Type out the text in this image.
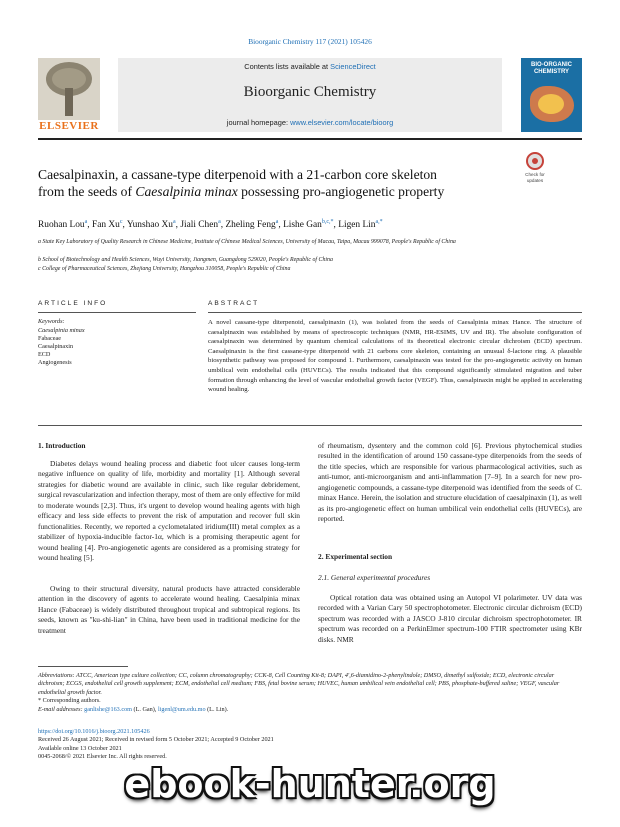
Bioorganic Chemistry 117 (2021) 105426
ELSEVIER
Contents lists available at ScienceDirect
Bioorganic Chemistry
journal homepage: www.elsevier.com/locate/bioorg
BIO-ORGANIC CHEMISTRY
Caesalpinaxin, a cassane-type diterpenoid with a 21-carbon core skeleton
from the seeds of Caesalpinia minax possessing pro-angiogenetic property
Check for updates
Ruohan Lou$^a$, Fan Xu$^c$, Yunshao Xu$^a$, Jiali Chen$^a$, Zheling Feng$^a$, Lishe Gan$^{b,c,*}$, Ligen Lin$^{a,*}$
a State Key Laboratory of Quality Research in Chinese Medicine, Institute of Chinese Medical Sciences, University of Macau, Taipa, Macau 999078, People's Republic of China
b School of Biotechnology and Health Sciences, Wuyi University, Jiangmen, Guangdong 529020, People's Republic of China
c College of Pharmaceutical Sciences, Zhejiang University, Hangzhou 310058, People's Republic of China
ARTICLE INFO	ABSTRACT
Keywords:
Caesalpinia minax
Fabaceae
Caesalpinaxin
ECD
Angiogenesis
A novel cassane-type diterpenoid, caesalpinaxin (1), was isolated from the seeds of Caesalpinia minax Hance. The structure of caesalpinaxin was established by means of spectroscopic techniques (NMR, HR-ESIMS, UV and IR). The absolute configuration of caesalpinaxin was determined by quantum chemical calculations of its theoretical electronic circular dichroism (ECD) spectrum. Caesalpinaxin is the first cassane-type diterpenoid with 21 carbons core skeleton, containing an unusual δ-lactone ring. A plausible biosynthetic pathway was proposed for compound 1. Furthermore, caesalpinaxin was tested for the pro-angiogenetic activity on human umbilical vein endothelial cells (HUVECs). The results indicated that this compound significantly stimulated migration and tuber formation through enhancing the level of vascular endothelial growth factor (VEGF). Thus, caesalpinaxin might be applied in accelerating wound healing.
1. Introduction
Diabetes delays wound healing process and diabetic foot ulcer causes long-term negative influence on quality of life, morbidity and mortality [1]. Although several strategies for diabetic wound are available in clinic, such like regular debridement, surgical revascularization and infection therapy, most of them are only effective for mild to moderate wounds [2,3]. Thus, it's urgent to develop wound healing agents with high efficacy and less side effects to prevent the risk of amputation and recover full skin functionalities. Recently, we reported a cyclometalated iridium(III) metal complex as a stabilizer of hypoxia-inducible factor-1α, which is a promising therapeutic agent for wound healing [4]. Pro-angiogenetic agents are considered as a promising strategy for wound healing [5].
Owing to their structural diversity, natural products have attracted considerable attention in the discovery of agents to accelerate wound healing. Caesalpinia minax Hance (Fabaceae) is widely distributed throughout tropical and subtropical regions. Its seeds, known as "ku-shi-lian" in China, have been used in traditional medicine for the treatment
of rheumatism, dysentery and the common cold [6]. Previous phytochemical studies resulted in the identification of around 150 cassane-type diterpenoids from the seeds of the title species, which are responsible for various pharmacological activities, such as anti-tumor, anti-microorganism and anti-inflammation [7–9]. In a search for new pro-angiogenetic compounds, a cassane-type diterpenoid was identified from the seeds of C. minax Hance. Herein, the isolation and structure elucidation of caesalpinaxin (1), as well as its pro-angiogenetic effect on human umbilical vein endothelial cells (HUVECs), are reported.
2. Experimental section
2.1. General experimental procedures
Optical rotation data was obtained using an Autopol VI polarimeter. UV data was recorded with a Varian Cary 50 spectrophotometer. Electronic circular dichroism (ECD) spectrum was recorded with a JASCO J-810 circular dichroism spectrophotometer. IR spectrum was recorded on a PerkinElmer spectrum-100 FTIR spectrometer using KBr disks. NMR
Abbreviations: ATCC, American type culture collection; CC, column chromatography; CCK-8, Cell Counting Kit-8; DAPI, 4',6-diamidino-2-phenylindole; DMSO, dimethyl sulfoxide; ECD, electronic circular dichroism; ECGS, endothelial cell growth supplement; ECM, endothelial cell medium; FBS, fetal bovine serum; HUVEC, human umbilical vein endothelial cell; PBS, phosphate-buffered saline; VEGF, vascular endothelial growth factor.
* Corresponding authors.
E-mail addresses: ganlishe@163.com (L. Gan), ligenl@um.edu.mo (L. Lin).
https://doi.org/10.1016/j.bioorg.2021.105426
Received 26 August 2021; Received in revised form 5 October 2021; Accepted 9 October 2021
Available online 13 October 2021
0045-2068/© 2021 Elsevier Inc. All rights reserved.
ebook-hunter.org
